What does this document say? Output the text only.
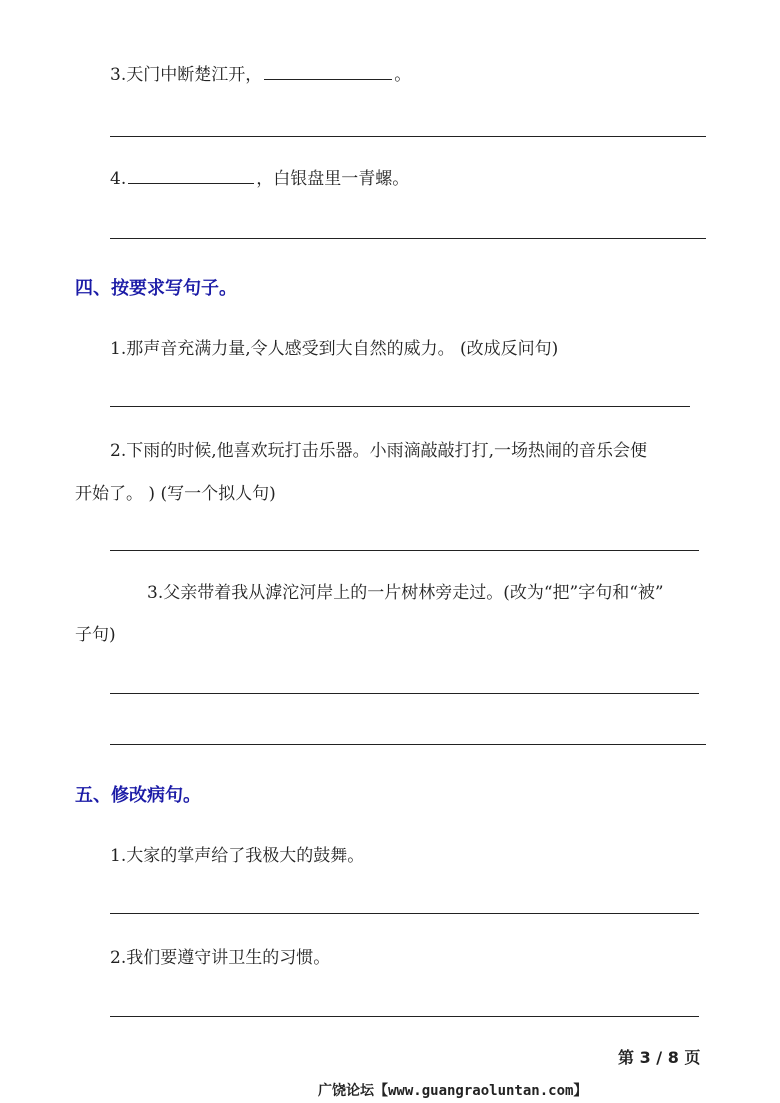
3.天门中断楚江开，	。
4.	，白银盘里一青螺。
四、按要求写句子。
1.那声音充满力量,令人感受到大自然的威力。 (改成反问句)
2.下雨的时候,他喜欢玩打击乐器。小雨滴敲敲打打,一场热闹的音乐会便
开始了。 ) (写一个拟人句)
3.父亲带着我从滹沱河岸上的一片树林旁走过。(改为“把”字句和“被”
子句)
五、修改病句。
1.大家的掌声给了我极大的鼓舞。
2.我们要遵守讲卫生的习惯。
第 3 / 8 页
广饶论坛【www.guangraoluntan.com】
